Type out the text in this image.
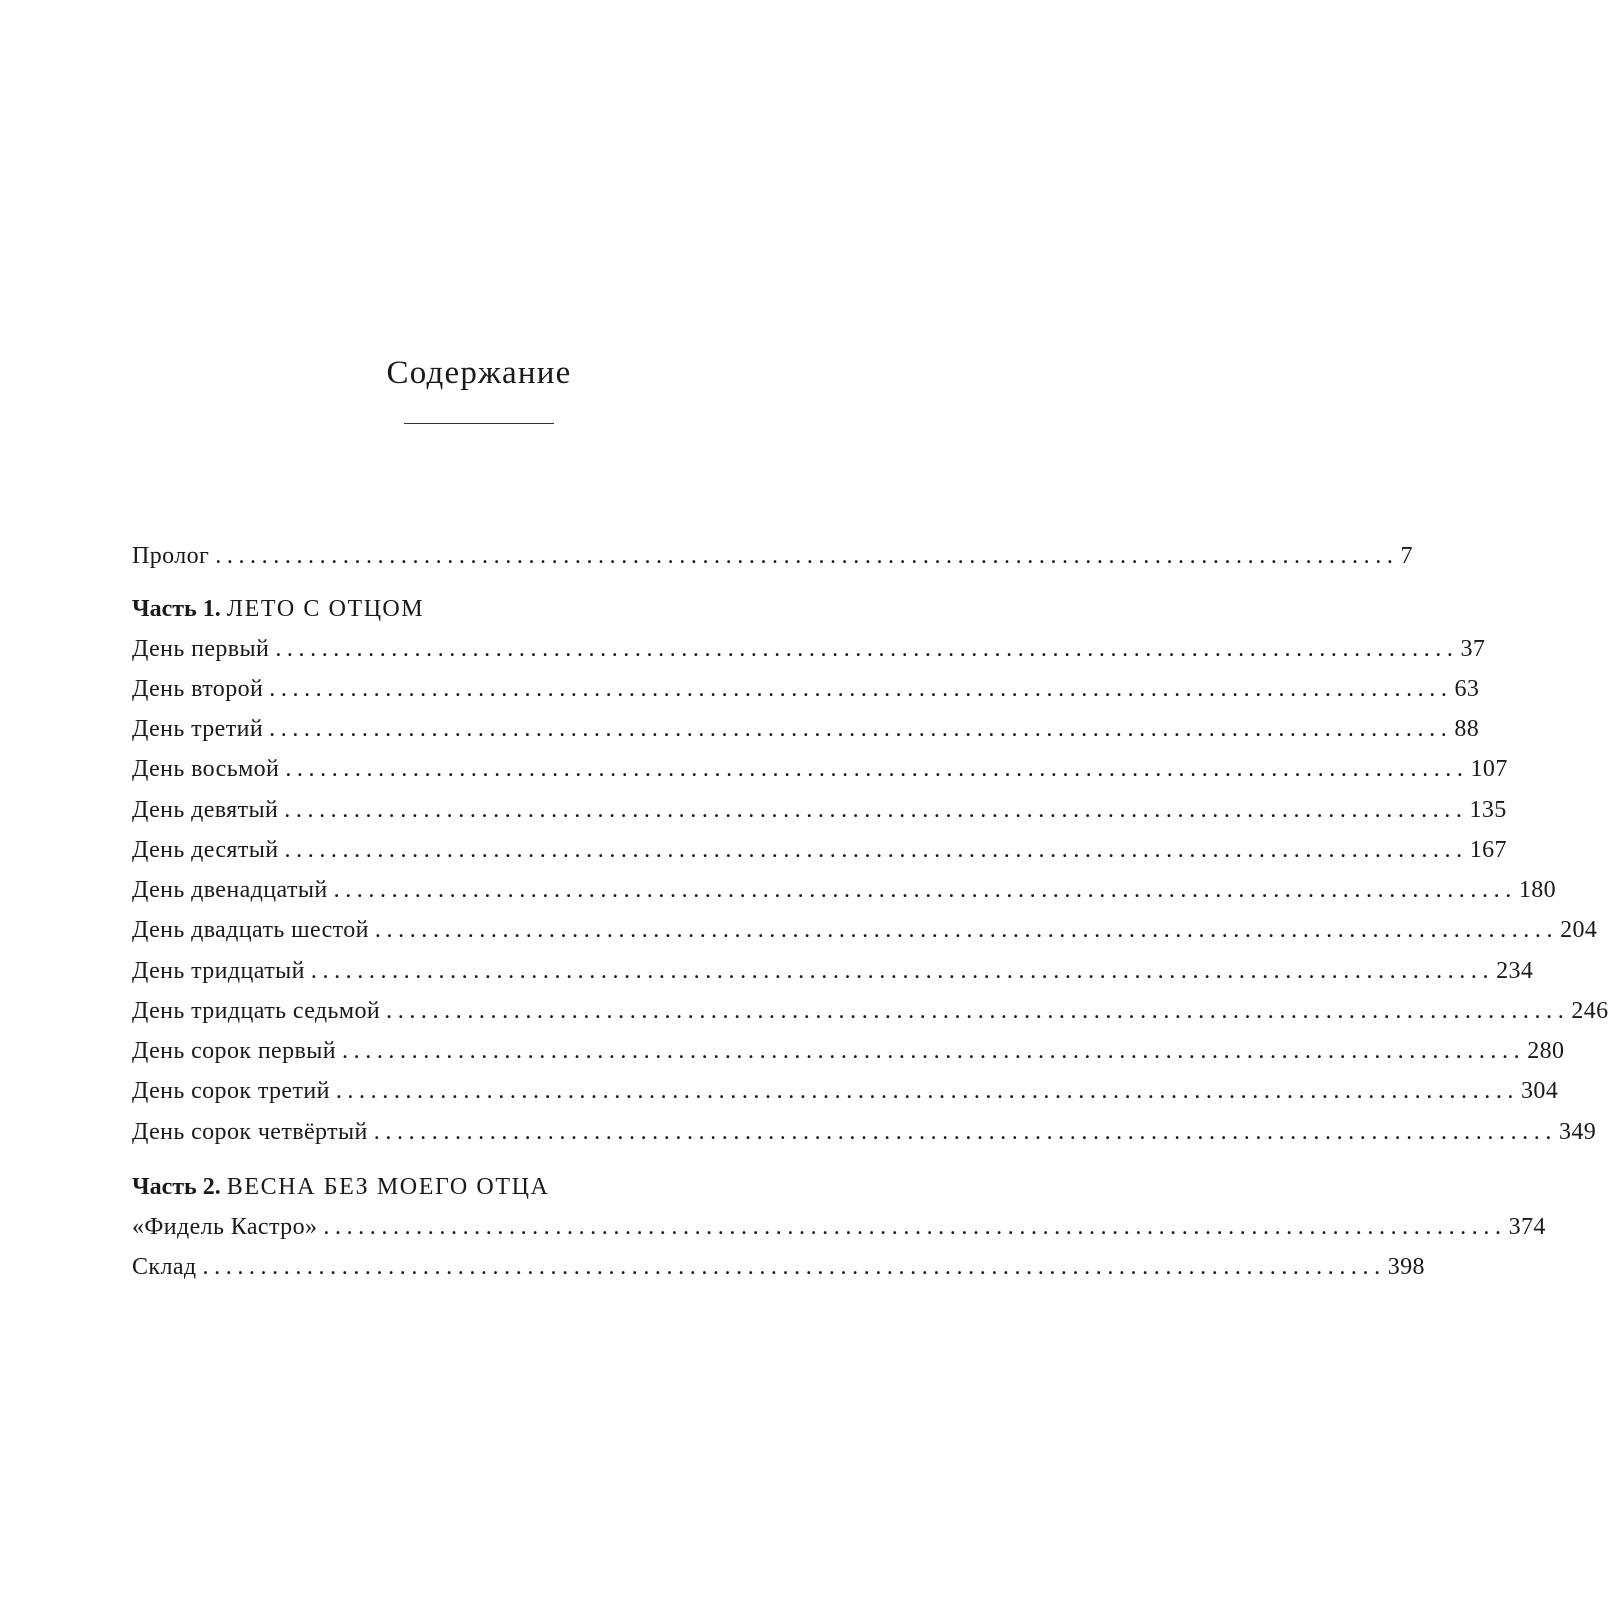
Содержание
Пролог ...................................................................................................... 7
Часть 1. ЛЕТО С ОТЦОМ
День первый ...................................................................................................... 37
День второй ...................................................................................................... 63
День третий ...................................................................................................... 88
День восьмой ...................................................................................................... 107
День девятый ...................................................................................................... 135
День десятый ...................................................................................................... 167
День двенадцатый ...................................................................................................... 180
День двадцать шестой ...................................................................................................... 204
День тридцатый ...................................................................................................... 234
День тридцать седьмой ...................................................................................................... 246
День сорок первый ...................................................................................................... 280
День сорок третий ...................................................................................................... 304
День сорок четвёртый ...................................................................................................... 349
Часть 2. ВЕСНА БЕЗ МОЕГО ОТЦА
«Фидель Кастро» ...................................................................................................... 374
Склад ...................................................................................................... 398
